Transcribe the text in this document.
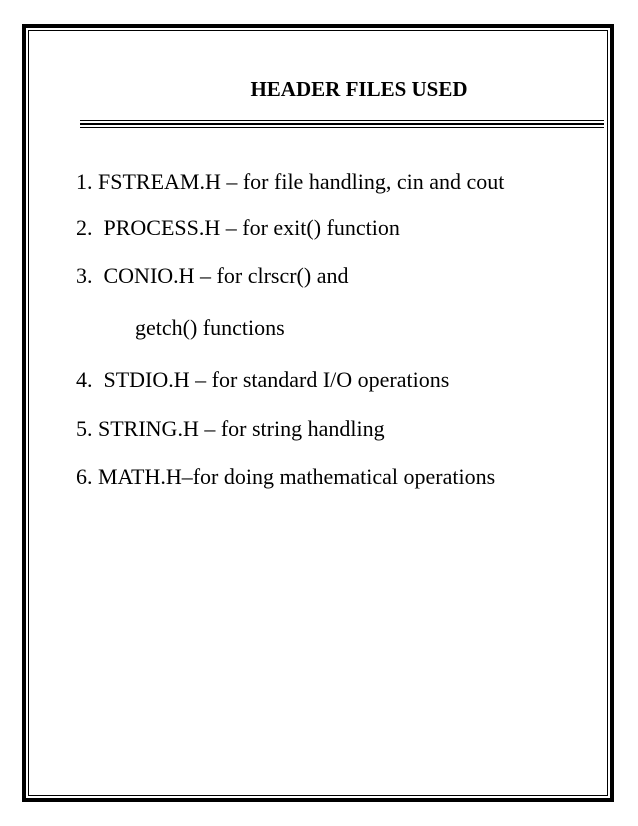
HEADER FILES USED
1. FSTREAM.H – for file handling, cin and cout
2. PROCESS.H – for exit() function
3. CONIO.H – for clrscr() and
getch() functions
4. STDIO.H – for standard I/O operations
5. STRING.H – for string handling
6. MATH.H–for doing mathematical operations
